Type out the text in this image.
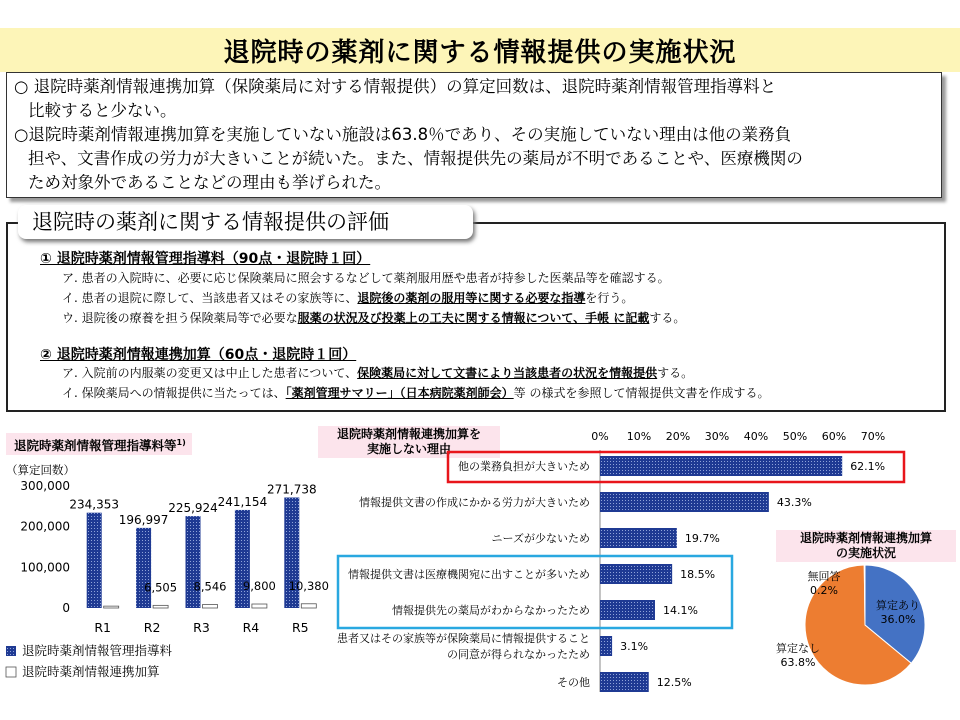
退院時の薬剤に関する情報提供の実施状況
○ 退院時薬剤情報連携加算（保険薬局に対する情報提供）の算定回数は、退院時薬剤情報管理指導料と
比較すると少ない。
○退院時薬剤情報連携加算を実施していない施設は63.8％であり、その実施していない理由は他の業務負
担や、文書作成の労力が大きいことが続いた。また、情報提供先の薬局が不明であることや、医療機関の
ため対象外であることなどの理由も挙げられた。
退院時の薬剤に関する情報提供の評価
① 退院時薬剤情報管理指導料（90点・退院時１回）
ア. 患者の入院時に、必要に応じ保険薬局に照会するなどして薬剤服用歴や患者が持参した医薬品等を確認する。
イ. 患者の退院に際して、当該患者又はその家族等に、退院後の薬剤の服用等に関する必要な指導を行う。
ウ. 退院後の療養を担う保険薬局等で必要な服薬の状況及び投薬上の工夫に関する情報について、手帳 に記載する。
② 退院時薬剤情報連携加算（60点・退院時１回）
ア. 入院前の内服薬の変更又は中止した患者について、保険薬局に対して文書により当該患者の状況を情報提供する。
イ. 保険薬局への情報提供に当たっては、「薬剤管理サマリー」（日本病院薬剤師会）等 の様式を参照して情報提供文書を作成する。
退院時薬剤情報管理指導料等$^{1)}$
（算定回数）
0
100,000
200,000
300,000
234,353
R1
196,997
6,505
R2
225,924
8,546
R3
241,154
9,800
R4
271,738
10,380
R5
退院時薬剤情報管理指導料
退院時薬剤情報連携加算
退院時薬剤情報連携加算を
実施しない理由
0% 10% 20% 30% 40% 50% 60% 70%
62.1%
他の業務負担が大きいため
43.3%
情報提供文書の作成にかかる労力が大きいため
19.7%
ニーズが少ないため
18.5%
情報提供文書は医療機関宛に出すことが多いため
14.1%
情報提供先の薬局がわからなかったため
3.1%
患者又はその家族等が保険薬局に情報提供すること
の同意が得られなかったため
12.5%
その他
退院時薬剤情報連携加算
の実施状況
算定あり
36.0%
算定なし
63.8%
無回答
0.2%
